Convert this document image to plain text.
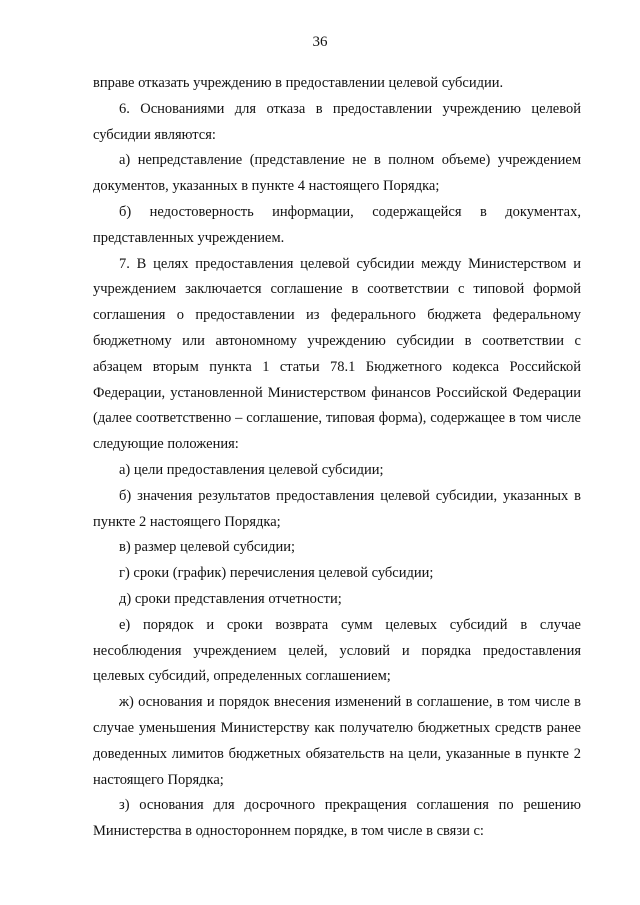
36

вправе отказать учреждению в предоставлении целевой субсидии.

6. Основаниями для отказа в предоставлении учреждению целевой субсидии являются:

а) непредставление (представление не в полном объеме) учреждением документов, указанных в пункте 4 настоящего Порядка;

б) недостоверность информации, содержащейся в документах, представленных учреждением.

7. В целях предоставления целевой субсидии между Министерством и учреждением заключается соглашение в соответствии с типовой формой соглашения о предоставлении из федерального бюджета федеральному бюджетному или автономному учреждению субсидии в соответствии с абзацем вторым пункта 1 статьи 78.1 Бюджетного кодекса Российской Федерации, установленной Министерством финансов Российской Федерации (далее соответственно – соглашение, типовая форма), содержащее в том числе следующие положения:

а) цели предоставления целевой субсидии;

б) значения результатов предоставления целевой субсидии, указанных в пункте 2 настоящего Порядка;

в) размер целевой субсидии;

г) сроки (график) перечисления целевой субсидии;

д) сроки представления отчетности;

е) порядок и сроки возврата сумм целевых субсидий в случае несоблюдения учреждением целей, условий и порядка предоставления целевых субсидий, определенных соглашением;

ж) основания и порядок внесения изменений в соглашение, в том числе в случае уменьшения Министерству как получателю бюджетных средств ранее доведенных лимитов бюджетных обязательств на цели, указанные в пункте 2 настоящего Порядка;

з) основания для досрочного прекращения соглашения по решению Министерства в одностороннем порядке, в том числе в связи с:
